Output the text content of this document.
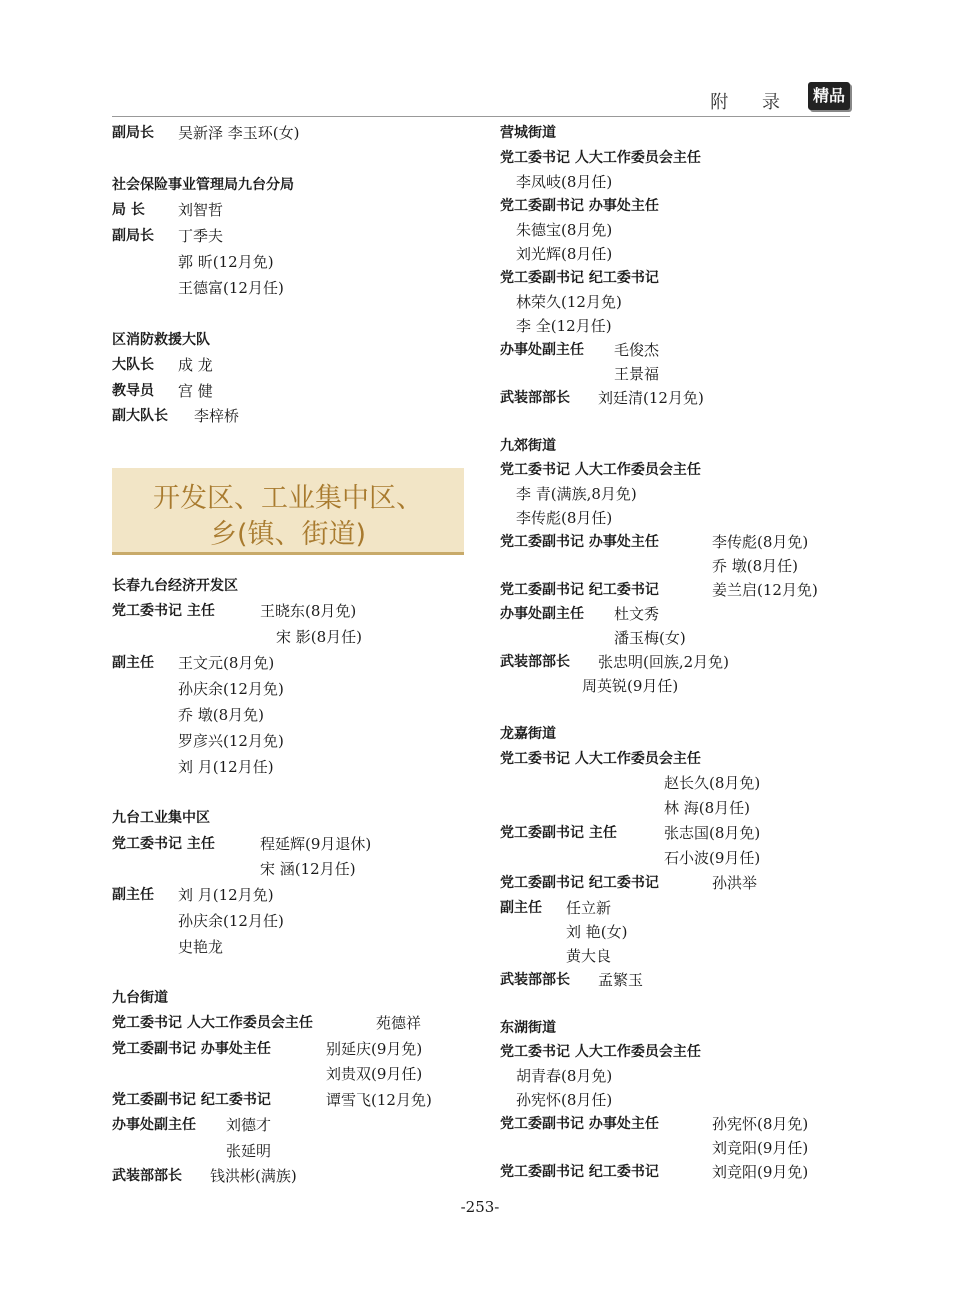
附 录	精品
开发区、工业集中区、
乡(镇、街道)
副局长 吴新泽 李玉环(女)
社会保险事业管理局九台分局
局 长 刘智哲
副局长 丁季夫
郭 昕(12月免)
王德富(12月任)
区消防救援大队
大队长 成 龙
教导员 宫 健
副大队长 李梓桥
长春九台经济开发区
党工委书记 主任	王晓东(8月免)
宋 影(8月任)
副主任 王文元(8月免)
孙庆余(12月免)
乔 墩(8月免)
罗彦兴(12月免)
刘 月(12月任)
九台工业集中区
党工委书记 主任	程延辉(9月退休)
宋 涵(12月任)
副主任 刘 月(12月免)
孙庆余(12月任)
史艳龙
九台街道
党工委书记 人大工作委员会主任	苑德祥
党工委副书记 办事处主任	别延庆(9月免)
刘贵双(9月任)
党工委副书记 纪工委书记	谭雪飞(12月免)
办事处副主任 刘德才
张延明
武装部部长 钱洪彬(满族)
营城街道
党工委书记 人大工作委员会主任
李凤岐(8月任)
党工委副书记 办事处主任
朱德宝(8月免)
刘光辉(8月任)
党工委副书记 纪工委书记
林荣久(12月免)
李 全(12月任)
办事处副主任 毛俊杰
王景福
武装部部长 刘廷清(12月免)
九郊街道
党工委书记 人大工作委员会主任
李 青(满族,8月免)
李传彪(8月任)
党工委副书记 办事处主任	李传彪(8月免)
乔 墩(8月任)
党工委副书记 纪工委书记	姜兰启(12月免)
办事处副主任 杜文秀
潘玉梅(女)
武装部部长 张忠明(回族,2月免)
周英锐(9月任)
龙嘉街道
党工委书记 人大工作委员会主任
赵长久(8月免)
林 海(8月任)
党工委副书记 主任	张志国(8月免)
石小波(9月任)
党工委副书记 纪工委书记	孙洪举
副主任 任立新
刘 艳(女)
黄大良
武装部部长 孟繁玉
东湖街道
党工委书记 人大工作委员会主任
胡青春(8月免)
孙宪怀(8月任)
党工委副书记 办事处主任	孙宪怀(8月免)
刘竞阳(9月任)
党工委副书记 纪工委书记	刘竞阳(9月免)
-253-
